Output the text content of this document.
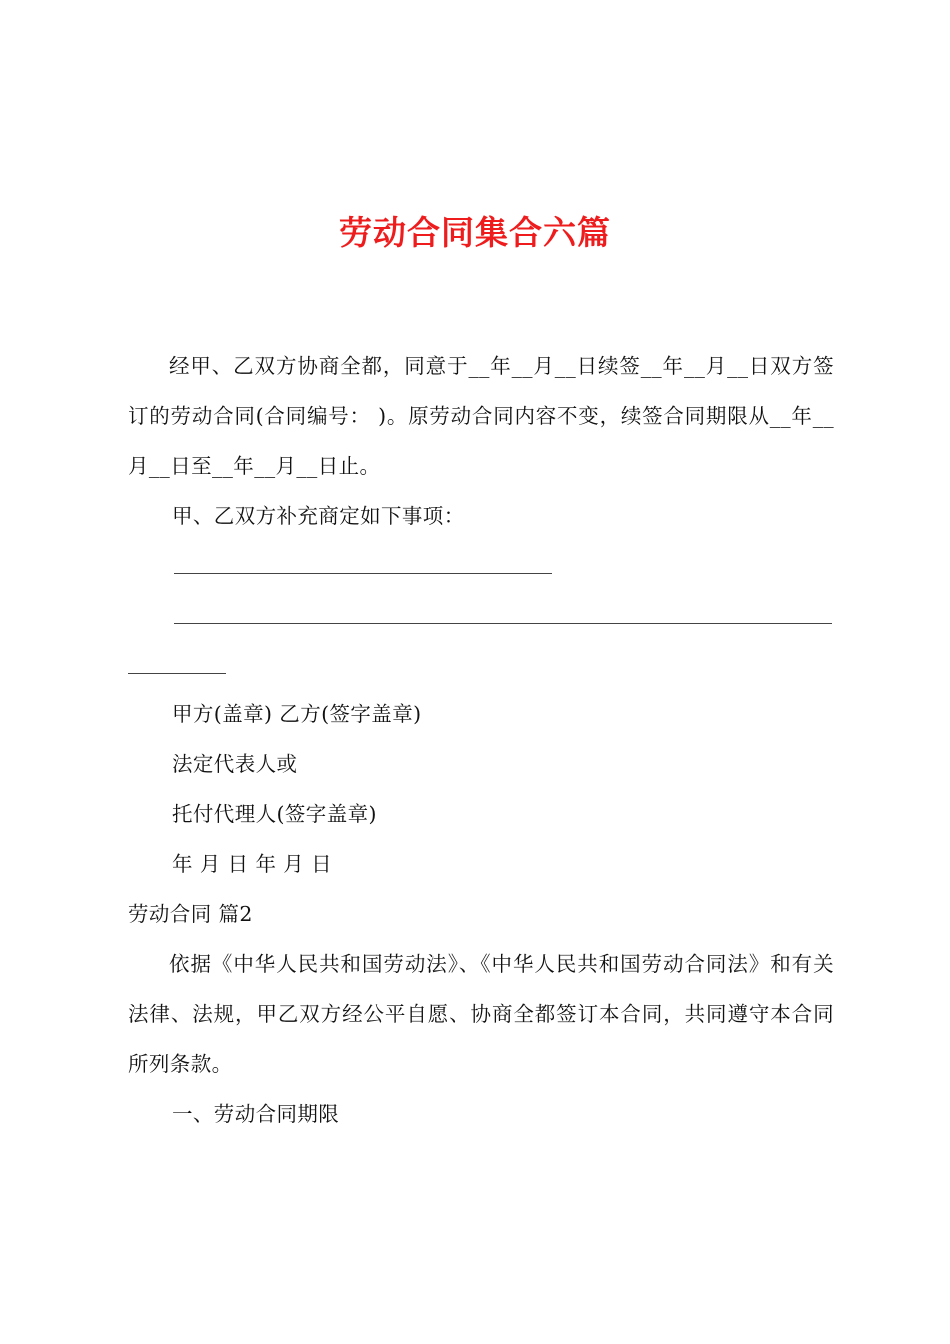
劳动合同集合六篇

经甲、乙双方协商全都，同意于__年__月__日续签__年__月__日双方签订的劳动合同(合同编号： )。原劳动合同内容不变，续签合同期限从__年__月__日至__年__月__日止。

甲、乙双方补充商定如下事项：

甲方(盖章) 乙方(签字盖章)

法定代表人或

托付代理人(签字盖章)

年 月 日 年 月 日

劳动合同 篇2

依据《中华人民共和国劳动法》、《中华人民共和国劳动合同法》和有关法律、法规，甲乙双方经公平自愿、协商全都签订本合同，共同遵守本合同所列条款。

一、劳动合同期限
